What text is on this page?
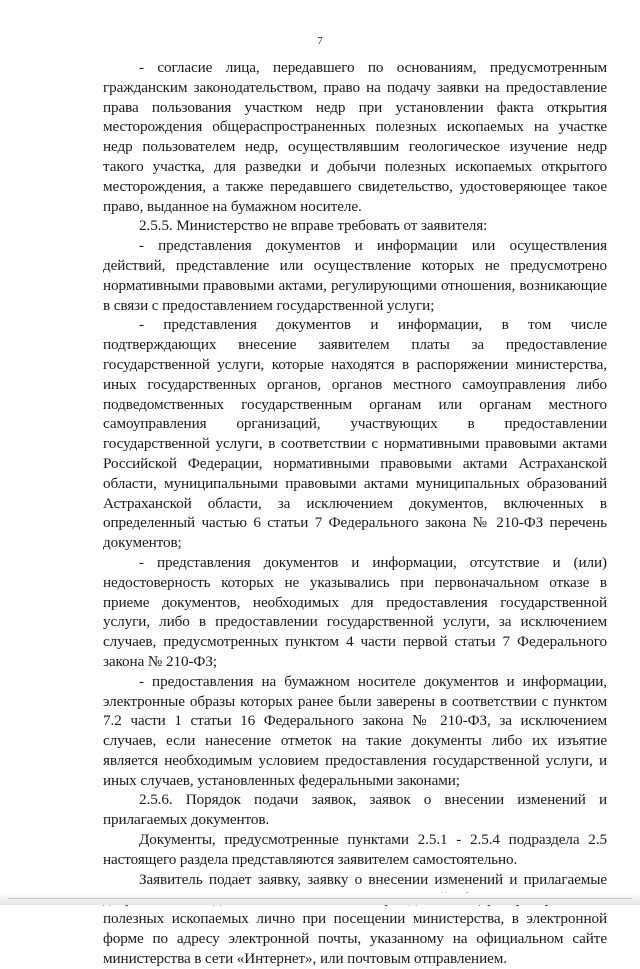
7

- согласие лица, передавшего по основаниям, предусмотренным гражданским законодательством, право на подачу заявки на предоставление права пользования участком недр при установлении факта открытия месторождения общераспространенных полезных ископаемых на участке недр пользователем недр, осуществлявшим геологическое изучение недр такого участка, для разведки и добычи полезных ископаемых открытого месторождения, а также передавшего свидетельство, удостоверяющее такое право, выданное на бумажном носителе.

2.5.5. Министерство не вправе требовать от заявителя:

- представления документов и информации или осуществления действий, представление или осуществление которых не предусмотрено нормативными правовыми актами, регулирующими отношения, возникающие в связи с предоставлением государственной услуги;

- представления документов и информации, в том числе подтверждающих внесение заявителем платы за предоставление государственной услуги, которые находятся в распоряжении министерства, иных государственных органов, органов местного самоуправления либо подведомственных государственным органам или органам местного самоуправления организаций, участвующих в предоставлении государственной услуги, в соответствии с нормативными правовыми актами Российской Федерации, нормативными правовыми актами Астраханской области, муниципальными правовыми актами муниципальных образований Астраханской области, за исключением документов, включенных в определенный частью 6 статьи 7 Федерального закона № 210-ФЗ перечень документов;

- представления документов и информации, отсутствие и (или) недостоверность которых не указывались при первоначальном отказе в приеме документов, необходимых для предоставления государственной услуги, либо в предоставлении государственной услуги, за исключением случаев, предусмотренных пунктом 4 части первой статьи 7 Федерального закона № 210-ФЗ;

- предоставления на бумажном носителе документов и информации, электронные образы которых ранее были заверены в соответствии с пунктом 7.2 части 1 статьи 16 Федерального закона № 210-ФЗ, за исключением случаев, если нанесение отметок на такие документы либо их изъятие является необходимым условием предоставления государственной услуги, и иных случаев, установленных федеральными законами;

2.5.6. Порядок подачи заявок, заявок о внесении изменений и прилагаемых документов.

Документы, предусмотренные пунктами 2.5.1 - 2.5.4 подраздела 2.5 настоящего раздела представляются заявителем самостоятельно.

Заявитель подает заявку, заявку о внесении изменений и прилагаемые полезных ископаемых лично при посещении министерства, в электронной форме по адресу электронной почты, указанному на официальном сайте министерства в сети «Интернет», или почтовым отправлением.
